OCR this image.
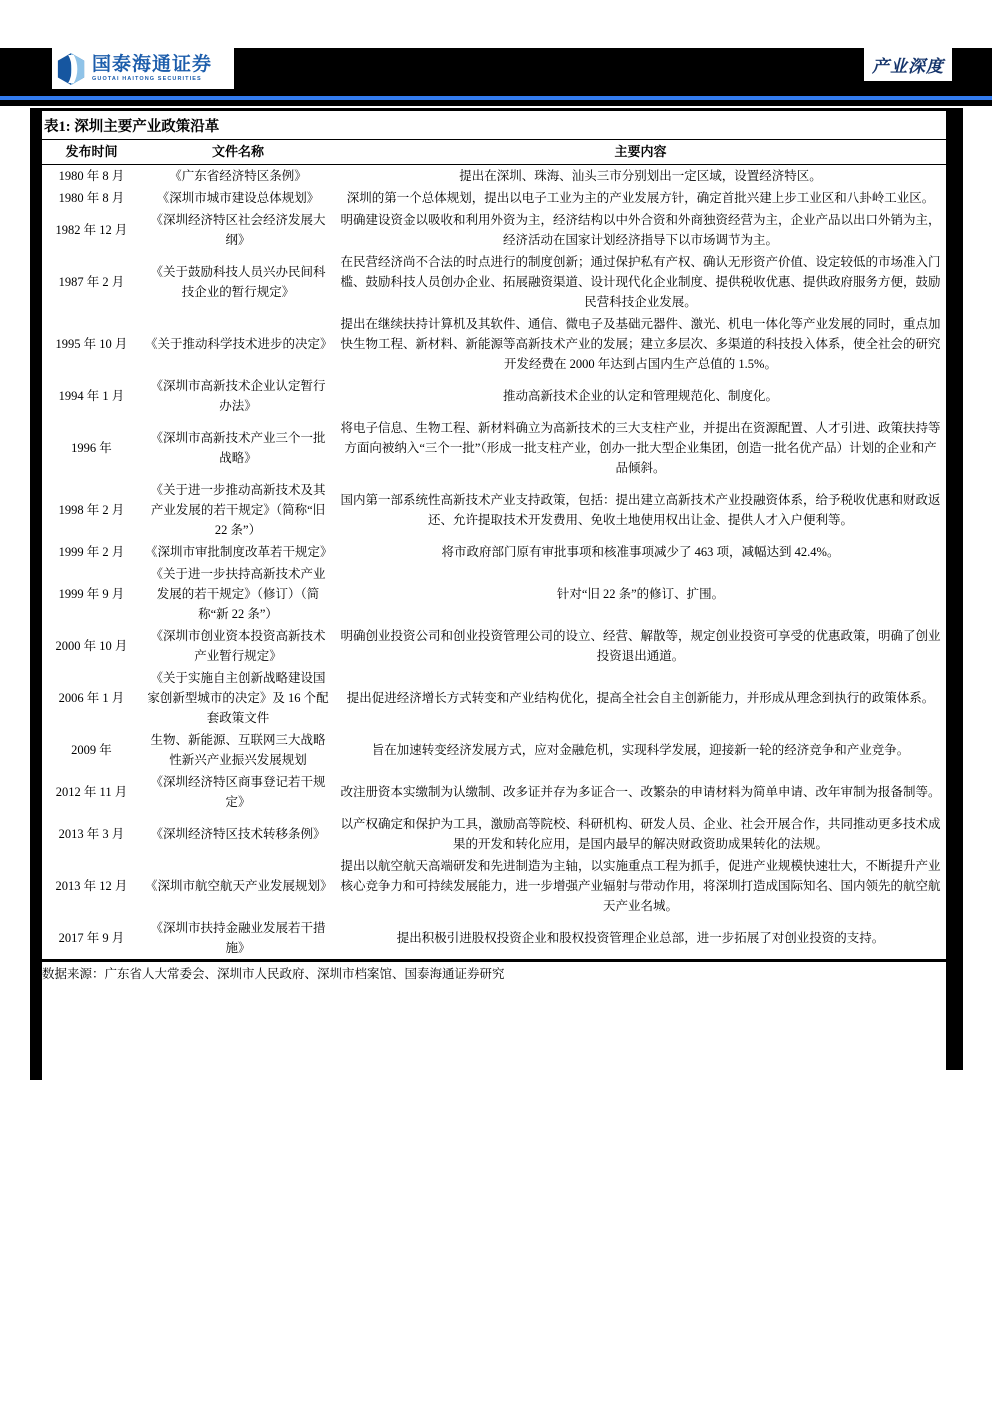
国泰海通证券
GUOTAI HAITONG SECURITIES
产业深度
表1: 深圳主要产业政策沿革
发布时间	文件名称	主要内容
1980 年 8 月	《广东省经济特区条例》	提出在深圳、珠海、汕头三市分别划出一定区域，设置经济特区。
1980 年 8 月	《深圳市城市建设总体规划》	深圳的第一个总体规划，提出以电子工业为主的产业发展方针，确定首批兴建上步工业区和八卦岭工业区。
1982 年 12 月	《深圳经济特区社会经济发展大纲》	明确建设资金以吸收和利用外资为主，经济结构以中外合资和外商独资经营为主，企业产品以出口外销为主，经济活动在国家计划经济指导下以市场调节为主。
1987 年 2 月	《关于鼓励科技人员兴办民间科技企业的暂行规定》	在民营经济尚不合法的时点进行的制度创新；通过保护私有产权、确认无形资产价值、设定较低的市场准入门槛、鼓励科技人员创办企业、拓展融资渠道、设计现代化企业制度、提供税收优惠、提供政府服务方便，鼓励民营科技企业发展。
1995 年 10 月	《关于推动科学技术进步的决定》	提出在继续扶持计算机及其软件、通信、微电子及基础元器件、激光、机电一体化等产业发展的同时，重点加快生物工程、新材料、新能源等高新技术产业的发展；建立多层次、多渠道的科技投入体系，使全社会的研究开发经费在 2000 年达到占国内生产总值的 1.5%。
1994 年 1 月	《深圳市高新技术企业认定暂行办法》	推动高新技术企业的认定和管理规范化、制度化。
1996 年	《深圳市高新技术产业三个一批战略》	将电子信息、生物工程、新材料确立为高新技术的三大支柱产业，并提出在资源配置、人才引进、政策扶持等方面向被纳入“三个一批”（形成一批支柱产业，创办一批大型企业集团，创造一批名优产品）计划的企业和产品倾斜。
1998 年 2 月	《关于进一步推动高新技术及其产业发展的若干规定》（简称“旧 22 条”）	国内第一部系统性高新技术产业支持政策，包括：提出建立高新技术产业投融资体系，给予税收优惠和财政返还、允许提取技术开发费用、免收土地使用权出让金、提供人才入户便利等。
1999 年 2 月	《深圳市审批制度改革若干规定》	将市政府部门原有审批事项和核准事项减少了 463 项，减幅达到 42.4%。
1999 年 9 月	《关于进一步扶持高新技术产业发展的若干规定》（修订）（简称“新 22 条”）	针对“旧 22 条”的修订、扩围。
2000 年 10 月	《深圳市创业资本投资高新技术产业暂行规定》	明确创业投资公司和创业投资管理公司的设立、经营、解散等，规定创业投资可享受的优惠政策，明确了创业投资退出通道。
2006 年 1 月	《关于实施自主创新战略建设国家创新型城市的决定》及 16 个配套政策文件	提出促进经济增长方式转变和产业结构优化，提高全社会自主创新能力，并形成从理念到执行的政策体系。
2009 年	生物、新能源、互联网三大战略性新兴产业振兴发展规划	旨在加速转变经济发展方式，应对金融危机，实现科学发展，迎接新一轮的经济竞争和产业竞争。
2012 年 11 月	《深圳经济特区商事登记若干规定》	改注册资本实缴制为认缴制、改多证并存为多证合一、改繁杂的申请材料为简单申请、改年审制为报备制等。
2013 年 3 月	《深圳经济特区技术转移条例》	以产权确定和保护为工具，激励高等院校、科研机构、研发人员、企业、社会开展合作，共同推动更多技术成果的开发和转化应用，是国内最早的解决财政资助成果转化的法规。
2013 年 12 月	《深圳市航空航天产业发展规划》	提出以航空航天高端研发和先进制造为主轴，以实施重点工程为抓手，促进产业规模快速壮大，不断提升产业核心竞争力和可持续发展能力，进一步增强产业辐射与带动作用，将深圳打造成国际知名、国内领先的航空航天产业名城。
2017 年 9 月	《深圳市扶持金融业发展若干措施》	提出积极引进股权投资企业和股权投资管理企业总部，进一步拓展了对创业投资的支持。
数据来源：广东省人大常委会、深圳市人民政府、深圳市档案馆、国泰海通证券研究
